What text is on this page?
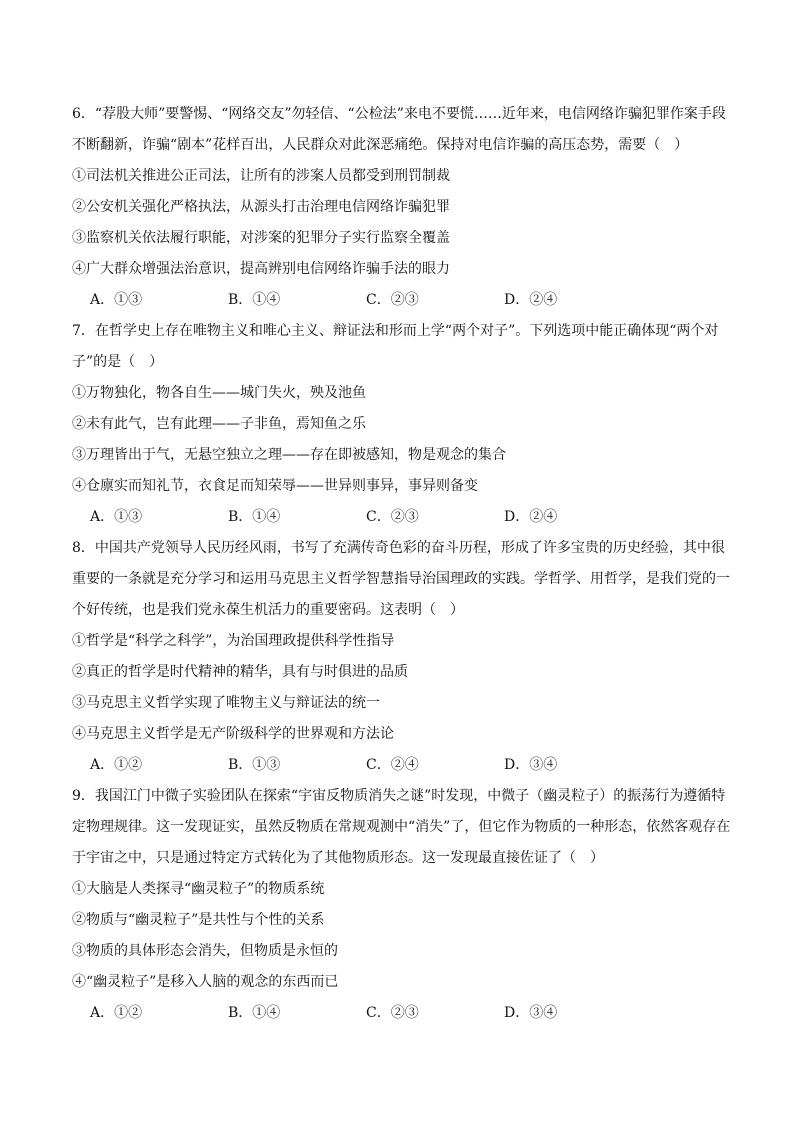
6．“荐股大师”要警惕、“网络交友”勿轻信、“公检法”来电不要慌……近年来，电信网络诈骗犯罪作案手段不断翻新，诈骗“剧本”花样百出，人民群众对此深恶痛绝。保持对电信诈骗的高压态势，需要（　）

①司法机关推进公正司法，让所有的涉案人员都受到刑罚制裁

②公安机关强化严格执法，从源头打击治理电信网络诈骗犯罪

③监察机关依法履行职能，对涉案的犯罪分子实行监察全覆盖

④广大群众增强法治意识，提高辨别电信网络诈骗手法的眼力

A．①③	B．①④	C．②③	D．②④

7．在哲学史上存在唯物主义和唯心主义、辩证法和形而上学“两个对子”。下列选项中能正确体现“两个对子”的是（　）

①万物独化，物各自生——城门失火，殃及池鱼

②未有此气，岂有此理——子非鱼，焉知鱼之乐

③万理皆出于气，无悬空独立之理——存在即被感知，物是观念的集合

④仓廪实而知礼节，衣食足而知荣辱——世异则事异，事异则备变

A．①③	B．①④	C．②③	D．②④

8．中国共产党领导人民历经风雨，书写了充满传奇色彩的奋斗历程，形成了许多宝贵的历史经验，其中很重要的一条就是充分学习和运用马克思主义哲学智慧指导治国理政的实践。学哲学、用哲学，是我们党的一个好传统，也是我们党永葆生机活力的重要密码。这表明（　）

①哲学是“科学之科学”，为治国理政提供科学性指导

②真正的哲学是时代精神的精华，具有与时俱进的品质

③马克思主义哲学实现了唯物主义与辩证法的统一

④马克思主义哲学是无产阶级科学的世界观和方法论

A．①②	B．①③	C．②④	D．③④

9．我国江门中微子实验团队在探索“宇宙反物质消失之谜”时发现，中微子（幽灵粒子）的振荡行为遵循特定物理规律。这一发现证实，虽然反物质在常规观测中“消失”了，但它作为物质的一种形态，依然客观存在于宇宙之中，只是通过特定方式转化为了其他物质形态。这一发现最直接佐证了（　）

①大脑是人类探寻“幽灵粒子”的物质系统

②物质与“幽灵粒子”是共性与个性的关系

③物质的具体形态会消失，但物质是永恒的

④“幽灵粒子”是移入人脑的观念的东西而已

A．①②	B．①④	C．②③	D．③④
